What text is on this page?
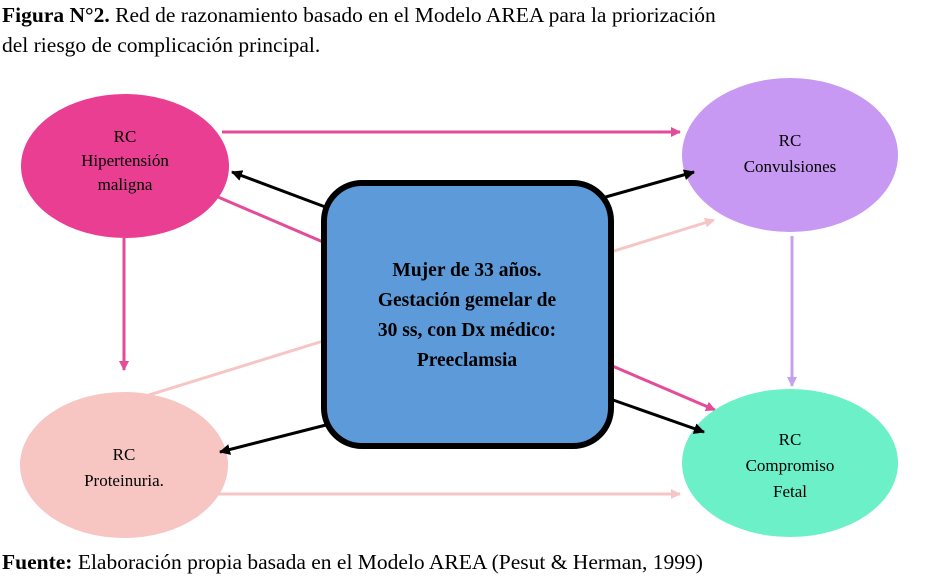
Figura N°2. Red de razonamiento basado en el Modelo AREA para la priorización
del riesgo de complicación principal.

RC
Hipertensión
maligna
RC
Convulsiones
RC
Proteinuria.
RC
Compromiso
Fetal
Mujer de 33 años.
Gestación gemelar de
30 ss, con Dx médico:
Preeclamsia

Fuente: Elaboración propia basada en el Modelo AREA (Pesut & Herman, 1999)
